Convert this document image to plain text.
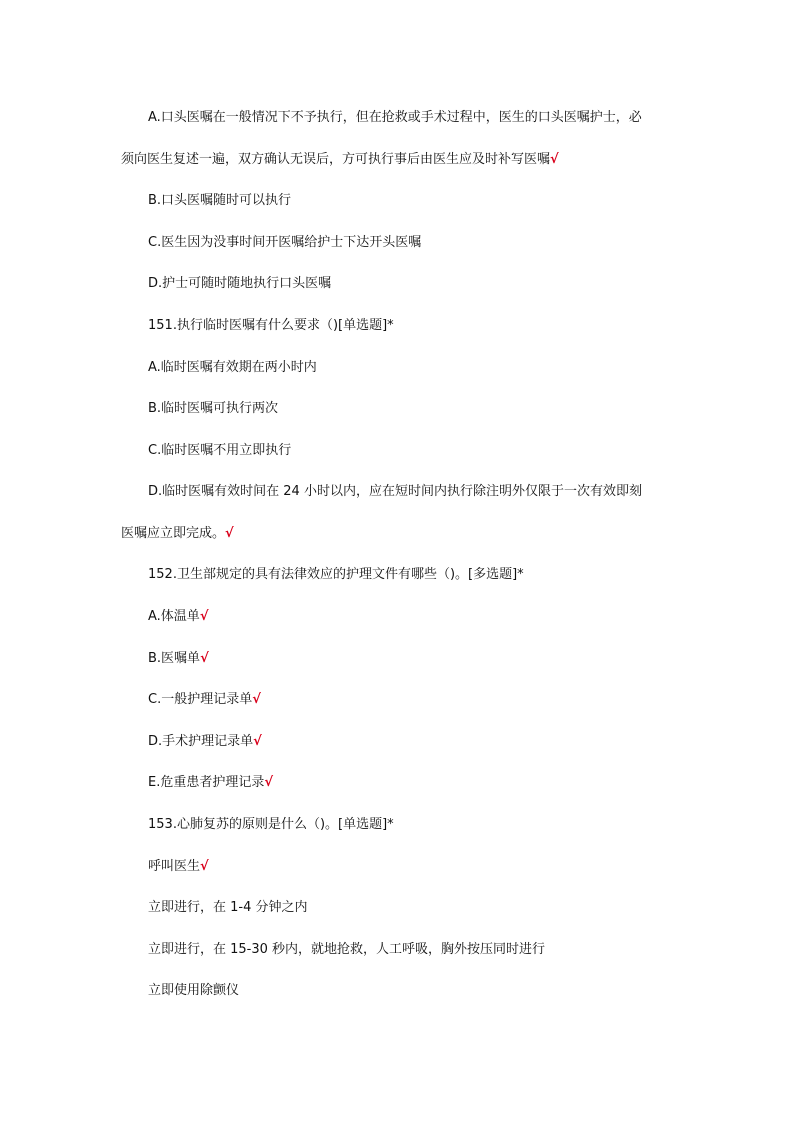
A.口头医嘱在一般情况下不予执行，但在抢救或手术过程中，医生的口头医嘱护士，必
须向医生复述一遍，双方确认无误后，方可执行事后由医生应及时补写医嘱√
B.口头医嘱随时可以执行
C.医生因为没事时间开医嘱给护士下达开头医嘱
D.护士可随时随地执行口头医嘱
151.执行临时医嘱有什么要求（)[单选题]*
A.临时医嘱有效期在两小时内
B.临时医嘱可执行两次
C.临时医嘱不用立即执行
D.临时医嘱有效时间在 24 小时以内，应在短时间内执行除注明外仅限于一次有效即刻
医嘱应立即完成。√
152.卫生部规定的具有法律效应的护理文件有哪些（)。[多选题]*
A.体温单√
B.医嘱单√
C.一般护理记录单√
D.手术护理记录单√
E.危重患者护理记录√
153.心肺复苏的原则是什么（)。[单选题]*
呼叫医生√
立即进行，在 1-4 分钟之内
立即进行，在 15-30 秒内，就地抢救，人工呼吸，胸外按压同时进行
立即使用除颤仪
